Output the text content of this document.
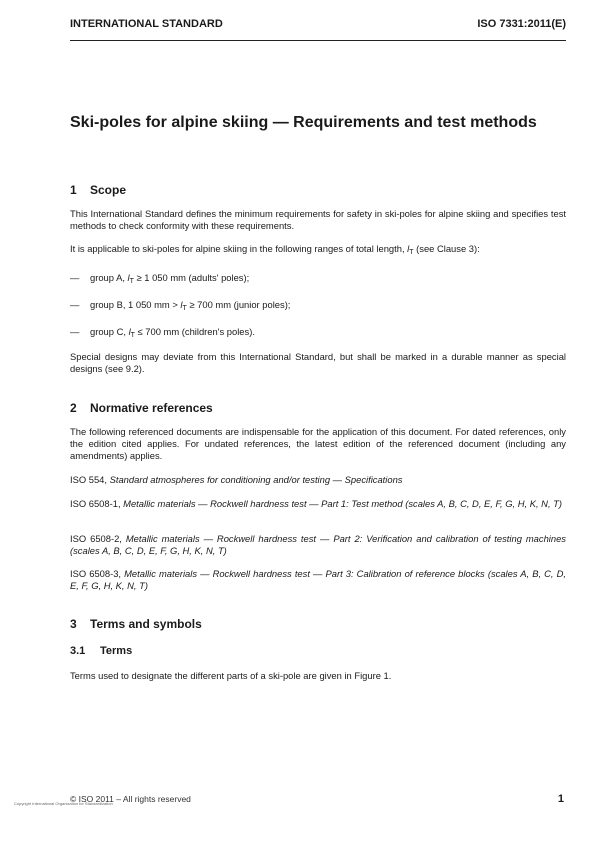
INTERNATIONAL STANDARD	ISO 7331:2011(E)
Ski-poles for alpine skiing — Requirements and test methods
1 Scope

This International Standard defines the minimum requirements for safety in ski-poles for alpine skiing and specifies test methods to check conformity with these requirements.

It is applicable to ski-poles for alpine skiing in the following ranges of total length, $l_T$ (see Clause 3):

— group A, $l_T \ge 1$ 050 mm (adults' poles);
— group B, 1 050 mm > $l_T \ge 700$ mm (junior poles);
— group C, $l_T \le 700$ mm (children's poles).

Special designs may deviate from this International Standard, but shall be marked in a durable manner as special designs (see 9.2).

2 Normative references

The following referenced documents are indispensable for the application of this document. For dated references, only the edition cited applies. For undated references, the latest edition of the referenced document (including any amendments) applies.

ISO 554, Standard atmospheres for conditioning and/or testing — Specifications

ISO 6508-1, Metallic materials — Rockwell hardness test — Part 1: Test method (scales A, B, C, D, E, F, G, H, K, N, T)

ISO 6508-2, Metallic materials — Rockwell hardness test — Part 2: Verification and calibration of testing machines (scales A, B, C, D, E, F, G, H, K, N, T)

ISO 6508-3, Metallic materials — Rockwell hardness test — Part 3: Calibration of reference blocks (scales A, B, C, D, E, F, G, H, K, N, T)

3 Terms and symbols
3.1 Terms

Terms used to designate the different parts of a ski-pole are given in Figure 1.

© ISO 2011 – All rights reserved
Copyright International Organization for Standardization	1
